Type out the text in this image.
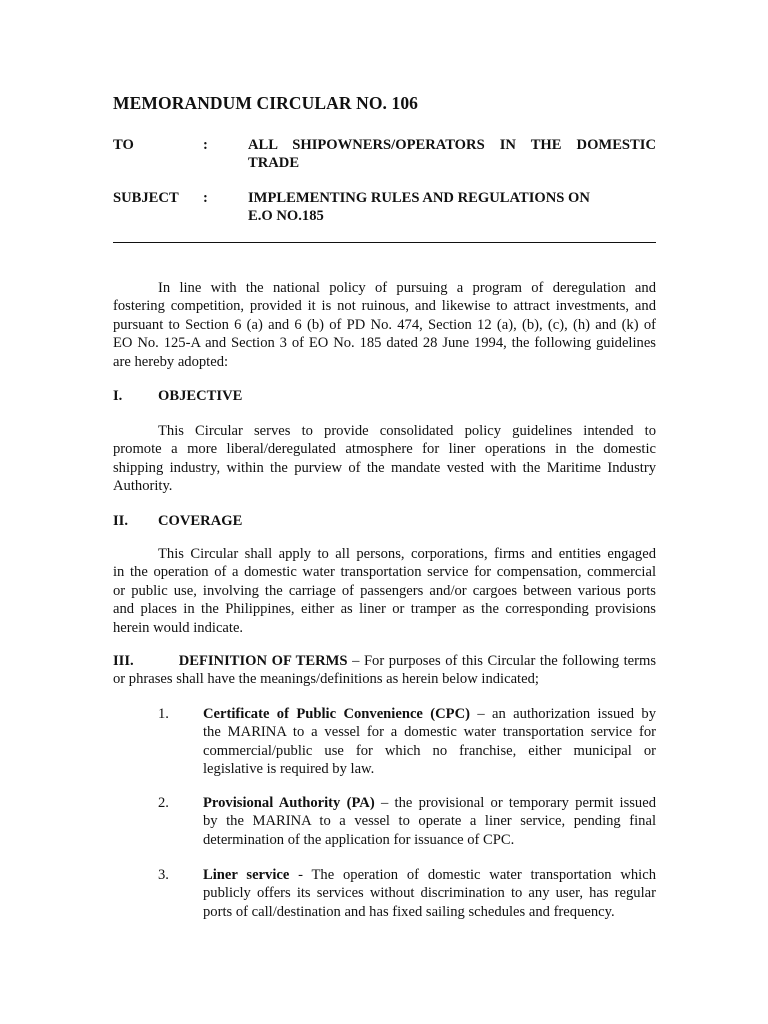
MEMORANDUM CIRCULAR NO. 106
TO	:	ALL SHIPOWNERS/OPERATORS IN THE DOMESTIC
TRADE
SUBJECT :	IMPLEMENTING RULES AND REGULATIONS ON
E.O NO.185
In line with the national policy of pursuing a program of deregulation and
fostering competition, provided it is not ruinous, and likewise to attract investments, and
pursuant to Section 6 (a) and 6 (b) of PD No. 474, Section 12 (a), (b), (c), (h) and (k) of
EO No. 125-A and Section 3 of EO No. 185 dated 28 June 1994, the following guidelines
are hereby adopted:
I. OBJECTIVE
This Circular serves to provide consolidated policy guidelines intended to
promote a more liberal/deregulated atmosphere for liner operations in the domestic
shipping industry, within the purview of the mandate vested with the Maritime Industry
Authority.
II. COVERAGE
This Circular shall apply to all persons, corporations, firms and entities engaged
in the operation of a domestic water transportation service for compensation, commercial
or public use, involving the carriage of passengers and/or cargoes between various ports
and places in the Philippines, either as liner or tramper as the corresponding provisions
herein would indicate.
III.	DEFINITION OF TERMS – For purposes of this Circular the following terms
or phrases shall have the meanings/definitions as herein below indicated;
1. Certificate of Public Convenience (CPC) – an authorization issued by
the MARINA to a vessel for a domestic water transportation service for
commercial/public use for which no franchise, either municipal or
legislative is required by law.
2. Provisional Authority (PA) – the provisional or temporary permit issued
by the MARINA to a vessel to operate a liner service, pending final
determination of the application for issuance of CPC.
3. Liner service - The operation of domestic water transportation which
publicly offers its services without discrimination to any user, has regular
ports of call/destination and has fixed sailing schedules and frequency.
